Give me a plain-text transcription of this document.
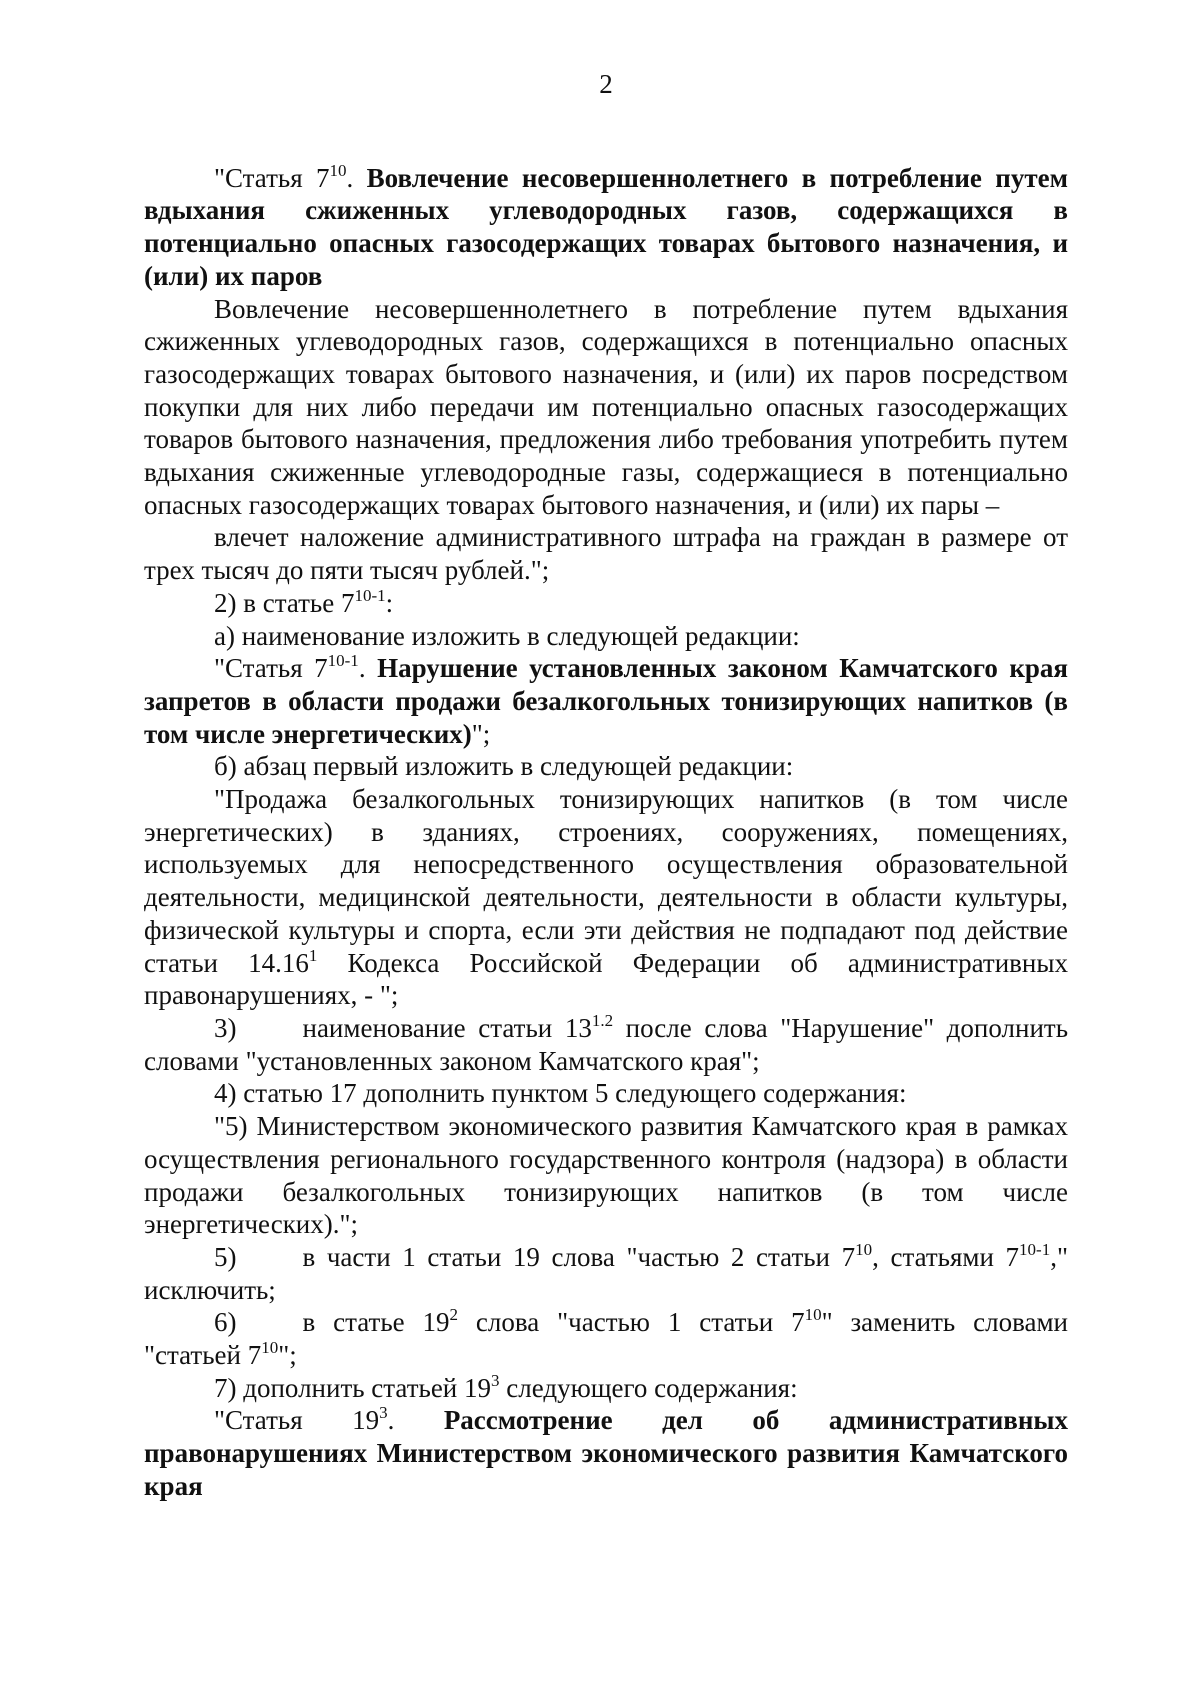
2

"Статья $7^{10}$. Вовлечение несовершеннолетнего в потребление путем вдыхания сжиженных углеводородных газов, содержащихся в потенциально опасных газосодержащих товарах бытового назначения, и (или) их паров

Вовлечение несовершеннолетнего в потребление путем вдыхания сжиженных углеводородных газов, содержащихся в потенциально опасных газосодержащих товарах бытового назначения, и (или) их паров посредством покупки для них либо передачи им потенциально опасных газосодержащих товаров бытового назначения, предложения либо требования употребить путем вдыхания сжиженные углеводородные газы, содержащиеся в потенциально опасных газосодержащих товарах бытового назначения, и (или) их пары –

влечет наложение административного штрафа на граждан в размере от трех тысяч до пяти тысяч рублей.";

2) в статье 7$^{10-1}$:

а) наименование изложить в следующей редакции:

"Статья 7$^{10-1}$. Нарушение установленных законом Камчатского края запретов в области продажи безалкогольных тонизирующих напитков (в том числе энергетических)";

б) абзац первый изложить в следующей редакции:

"Продажа безалкогольных тонизирующих напитков (в том числе энергетических) в зданиях, строениях, сооружениях, помещениях, используемых для непосредственного осуществления образовательной деятельности, медицинской деятельности, деятельности в области культуры, физической культуры и спорта, если эти действия не подпадают под действие статьи 14.16$^1$ Кодекса Российской Федерации об административных правонарушениях, - ";

3) наименование статьи $13^{1.2}$ после слова "Нарушение" дополнить словами "установленных законом Камчатского края";

4) статью 17 дополнить пунктом 5 следующего содержания:

"5) Министерством экономического развития Камчатского края в рамках осуществления регионального государственного контроля (надзора) в области продажи безалкогольных тонизирующих напитков (в том числе энергетических).";

5) в части 1 статьи 19 слова "частью 2 статьи $7^{10}$, статьями 7$^{10-1}$," исключить;

6) в статье $19^2$ слова "частью 1 статьи $7^{10}$" заменить словами "статьей $7^{10}$";

7) дополнить статьей $19^3$ следующего содержания:

"Статья $19^3$. Рассмотрение дел об административных правонарушениях Министерством экономического развития Камчатского края
